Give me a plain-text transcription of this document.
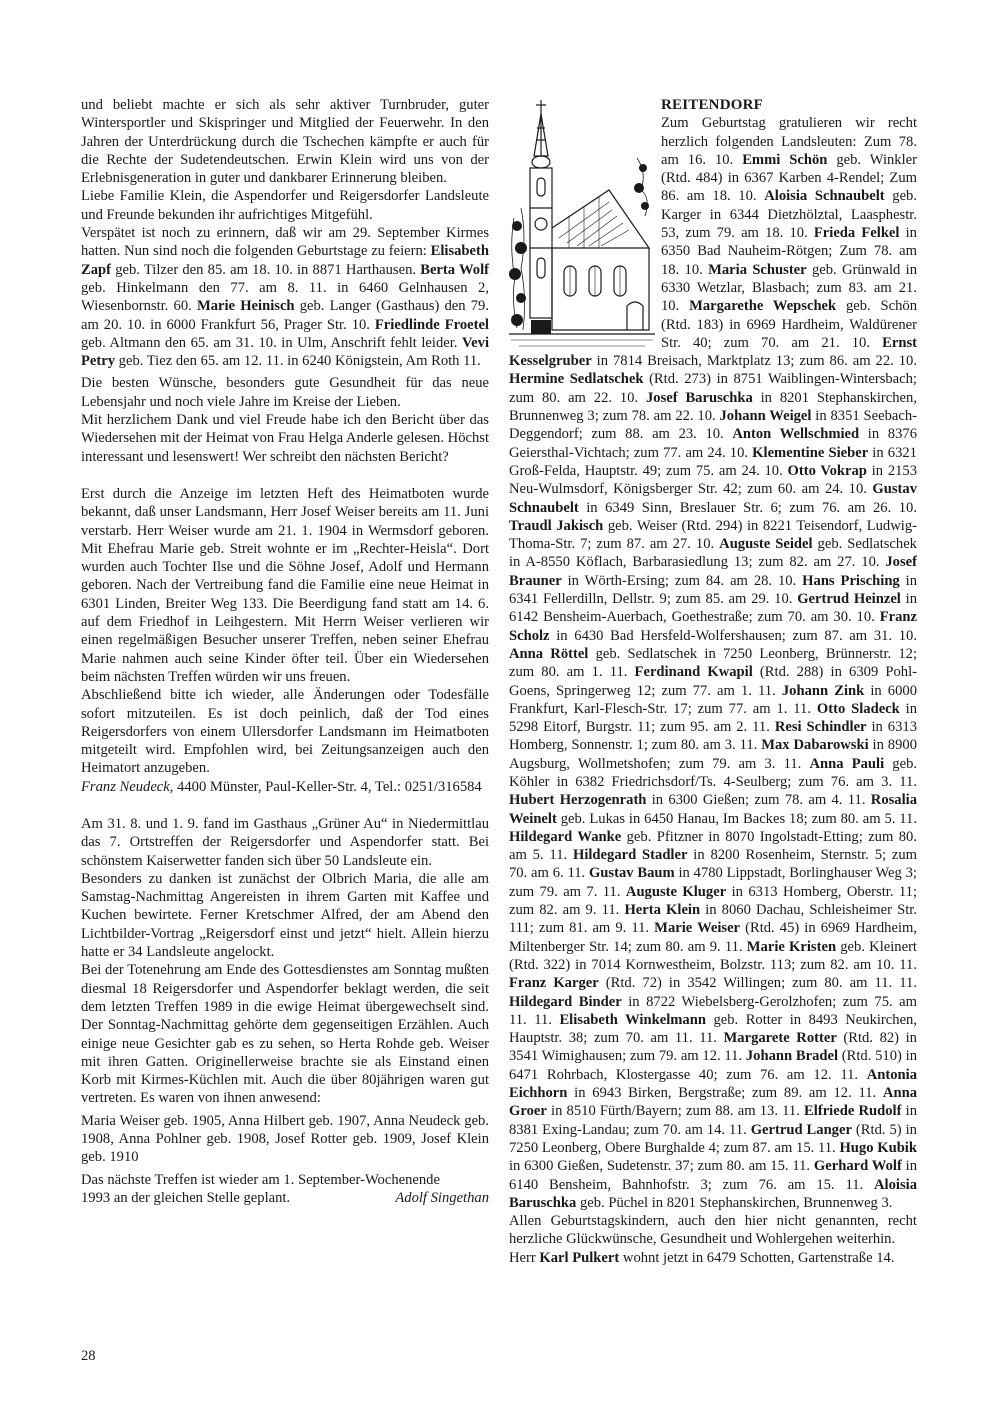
und beliebt machte er sich als sehr aktiver Turnbruder, guter Wintersportler und Skispringer und Mitglied der Feuerwehr. In den Jahren der Unterdrückung durch die Tschechen kämpfte er auch für die Rechte der Sudetendeutschen. Erwin Klein wird uns von der Erlebnisgeneration in guter und dankbarer Erinnerung bleiben.

Liebe Familie Klein, die Aspendorfer und Reigersdorfer Landsleute und Freunde bekunden ihr aufrichtiges Mitgefühl.

Verspätet ist noch zu erinnern, daß wir am 29. September Kirmes hatten. Nun sind noch die folgenden Geburtstage zu feiern: Elisabeth Zapf geb. Tilzer den 85. am 18. 10. in 8871 Harthausen. Berta Wolf geb. Hinkelmann den 77. am 8. 11. in 6460 Gelnhausen 2, Wiesenbornstr. 60. Marie Heinisch geb. Langer (Gasthaus) den 79. am 20. 10. in 6000 Frankfurt 56, Prager Str. 10. Friedlinde Froetel geb. Altmann den 65. am 31. 10. in Ulm, Anschrift fehlt leider. Vevi Petry geb. Tiez den 65. am 12. 11. in 6240 Königstein, Am Roth 11.

Die besten Wünsche, besonders gute Gesundheit für das neue Lebensjahr und noch viele Jahre im Kreise der Lieben.

Mit herzlichem Dank und viel Freude habe ich den Bericht über das Wiedersehen mit der Heimat von Frau Helga Anderle gelesen. Höchst interessant und lesenswert! Wer schreibt den nächsten Bericht?

Erst durch die Anzeige im letzten Heft des Heimatboten wurde bekannt, daß unser Landsmann, Herr Josef Weiser bereits am 11. Juni verstarb. Herr Weiser wurde am 21. 1. 1904 in Wermsdorf geboren. Mit Ehefrau Marie geb. Streit wohnte er im „Rechter-Heisla“. Dort wurden auch Tochter Ilse und die Söhne Josef, Adolf und Hermann geboren. Nach der Vertreibung fand die Familie eine neue Heimat in 6301 Linden, Breiter Weg 133. Die Beerdigung fand statt am 14. 6. auf dem Friedhof in Leihgestern. Mit Herrn Weiser verlieren wir einen regelmäßigen Besucher unserer Treffen, neben seiner Ehefrau Marie nahmen auch seine Kinder öfter teil. Über ein Wiedersehen beim nächsten Treffen würden wir uns freuen.

Abschließend bitte ich wieder, alle Änderungen oder Todesfälle sofort mitzuteilen. Es ist doch peinlich, daß der Tod eines Reigersdorfers von einem Ullersdorfer Landsmann im Heimatboten mitgeteilt wird. Empfohlen wird, bei Zeitungsanzeigen auch den Heimatort anzugeben.

Franz Neudeck, 4400 Münster, Paul-Keller-Str. 4, Tel.: 0251/316584

Am 31. 8. und 1. 9. fand im Gasthaus „Grüner Au“ in Niedermittlau das 7. Ortstreffen der Reigersdorfer und Aspendorfer statt. Bei schönstem Kaiserwetter fanden sich über 50 Landsleute ein.

Besonders zu danken ist zunächst der Olbrich Maria, die alle am Samstag-Nachmittag Angereisten in ihrem Garten mit Kaffee und Kuchen bewirtete. Ferner Kretschmer Alfred, der am Abend den Lichtbilder-Vortrag „Reigersdorf einst und jetzt“ hielt. Allein hierzu hatte er 34 Landsleute angelockt.

Bei der Totenehrung am Ende des Gottesdienstes am Sonntag mußten diesmal 18 Reigersdorfer und Aspendorfer beklagt werden, die seit dem letzten Treffen 1989 in die ewige Heimat übergewechselt sind. Der Sonntag-Nachmittag gehörte dem gegenseitigen Erzählen. Auch einige neue Gesichter gab es zu sehen, so Herta Rohde geb. Weiser mit ihren Gatten. Originellerweise brachte sie als Einstand einen Korb mit Kirmes-Küchlen mit. Auch die über 80jährigen waren gut vertreten. Es waren von ihnen anwesend:

Maria Weiser geb. 1905, Anna Hilbert geb. 1907, Anna Neudeck geb. 1908, Anna Pohlner geb. 1908, Josef Rotter geb. 1909, Josef Klein geb. 1910

Das nächste Treffen ist wieder am 1. September-Wochenende

1993 an der gleichen Stelle geplant.	Adolf Singethan

REITENDORF

Zum Geburtstag gratulieren wir recht herzlich folgenden Landsleuten: Zum 78. am 16. 10. Emmi Schön geb. Winkler (Rtd. 484) in 6367 Karben 4-Rendel; Zum 86. am 18. 10. Aloisia Schnaubelt geb. Karger in 6344 Dietzhölztal, Laasphestr. 53, zum 79. am 18. 10. Frieda Felkel in 6350 Bad Nauheim-Rötgen; Zum 78. am 18. 10. Maria Schuster geb. Grünwald in 6330 Wetzlar, Blasbach; zum 83. am 21. 10. Margarethe Wepschek geb. Schön (Rtd. 183) in 6969 Hardheim, Waldürener Str. 40; zum 70. am 21. 10. Ernst Kesselgruber in 7814 Breisach, Marktplatz 13; zum 86. am 22. 10. Hermine Sedlatschek (Rtd. 273) in 8751 Waiblingen-Wintersbach; zum 80. am 22. 10. Josef Baruschka in 8201 Stephanskirchen, Brunnenweg 3; zum 78. am 22. 10. Johann Weigel in 8351 Seebach-Deggendorf; zum 88. am 23. 10. Anton Wellschmied in 8376 Geiersthal-Vichtach; zum 77. am 24. 10. Klementine Sieber in 6321 Groß-Felda, Hauptstr. 49; zum 75. am 24. 10. Otto Vokrap in 2153 Neu-Wulmsdorf, Königsberger Str. 42; zum 60. am 24. 10. Gustav Schnaubelt in 6349 Sinn, Breslauer Str. 6; zum 76. am 26. 10. Traudl Jakisch geb. Weiser (Rtd. 294) in 8221 Teisendorf, Ludwig-Thoma-Str. 7; zum 87. am 27. 10. Auguste Seidel geb. Sedlatschek in A-8550 Köflach, Barbarasiedlung 13; zum 82. am 27. 10. Josef Brauner in Wörth-Ersing; zum 84. am 28. 10. Hans Prisching in 6341 Fellerdilln, Dellstr. 9; zum 85. am 29. 10. Gertrud Heinzel in 6142 Bensheim-Auerbach, Goethestraße; zum 70. am 30. 10. Franz Scholz in 6430 Bad Hersfeld-Wolfershausen; zum 87. am 31. 10. Anna Röttel geb. Sedlatschek in 7250 Leonberg, Brünnerstr. 12; zum 80. am 1. 11. Ferdinand Kwapil (Rtd. 288) in 6309 Pohl-Goens, Springerweg 12; zum 77. am 1. 11. Johann Zink in 6000 Frankfurt, Karl-Flesch-Str. 17; zum 77. am 1. 11. Otto Sladeck in 5298 Eitorf, Burgstr. 11; zum 95. am 2. 11. Resi Schindler in 6313 Homberg, Sonnenstr. 1; zum 80. am 3. 11. Max Dabarowski in 8900 Augsburg, Wollmetshofen; zum 79. am 3. 11. Anna Pauli geb. Köhler in 6382 Friedrichsdorf/Ts. 4-Seulberg; zum 76. am 3. 11. Hubert Herzogenrath in 6300 Gießen; zum 78. am 4. 11. Rosalia Weinelt geb. Lukas in 6450 Hanau, Im Backes 18; zum 80. am 5. 11. Hildegard Wanke geb. Pfitzner in 8070 Ingolstadt-Etting; zum 80. am 5. 11. Hildegard Stadler in 8200 Rosenheim, Sternstr. 5; zum 70. am 6. 11. Gustav Baum in 4780 Lippstadt, Borlinghauser Weg 3; zum 79. am 7. 11. Auguste Kluger in 6313 Homberg, Oberstr. 11; zum 82. am 9. 11. Herta Klein in 8060 Dachau, Schleisheimer Str. 111; zum 81. am 9. 11. Marie Weiser (Rtd. 45) in 6969 Hardheim, Miltenberger Str. 14; zum 80. am 9. 11. Marie Kristen geb. Kleinert (Rtd. 322) in 7014 Kornwestheim, Bolzstr. 113; zum 82. am 10. 11. Franz Karger (Rtd. 72) in 3542 Willingen; zum 80. am 11. 11. Hildegard Binder in 8722 Wiebelsberg-Gerolzhofen; zum 75. am 11. 11. Elisabeth Winkelmann geb. Rotter in 8493 Neukirchen, Hauptstr. 38; zum 70. am 11. 11. Margarete Rotter (Rtd. 82) in 3541 Wimighausen; zum 79. am 12. 11. Johann Bradel (Rtd. 510) in 6471 Rohrbach, Klostergasse 40; zum 76. am 12. 11. Antonia Eichhorn in 6943 Birken, Bergstraße; zum 89. am 12. 11. Anna Groer in 8510 Fürth/Bayern; zum 88. am 13. 11. Elfriede Rudolf in 8381 Exing-Landau; zum 70. am 14. 11. Gertrud Langer (Rtd. 5) in 7250 Leonberg, Obere Burghalde 4; zum 87. am 15. 11. Hugo Kubik in 6300 Gießen, Sudetenstr. 37; zum 80. am 15. 11. Gerhard Wolf in 6140 Bensheim, Bahnhofstr. 3; zum 76. am 15. 11. Aloisia Baruschka geb. Püchel in 8201 Stephanskirchen, Brunnenweg 3.

Allen Geburtstagskindern, auch den hier nicht genannten, recht herzliche Glückwünsche, Gesundheit und Wohlergehen weiterhin.

Herr Karl Pulkert wohnt jetzt in 6479 Schotten, Gartenstraße 14.

28
